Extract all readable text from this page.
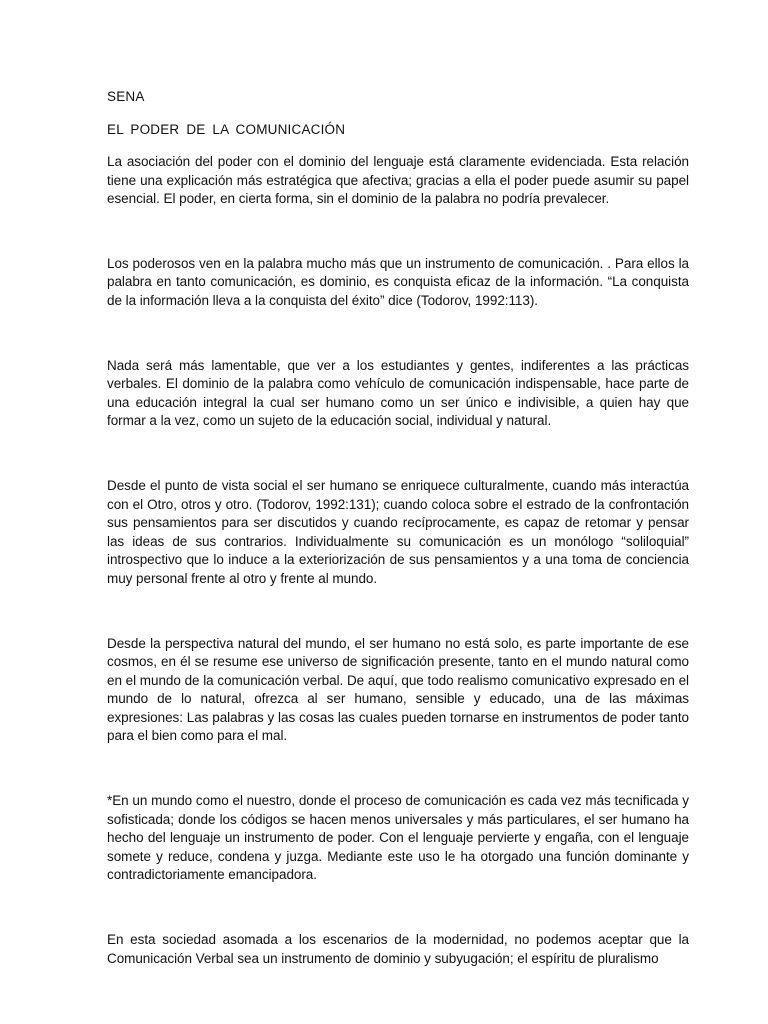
SENA

EL PODER DE LA COMUNICACIÓN

La asociación del poder con el dominio del lenguaje está claramente evidenciada. Esta relación tiene una explicación más estratégica que afectiva; gracias a ella el poder puede asumir su papel esencial. El poder, en cierta forma, sin el dominio de la palabra no podría prevalecer.

Los poderosos ven en la palabra mucho más que un instrumento de comunicación. . Para ellos la palabra en tanto comunicación, es dominio, es conquista eficaz de la información. “La conquista de la información lleva a la conquista del éxito” dice (Todorov, 1992:113).

Nada será más lamentable, que ver a los estudiantes y gentes, indiferentes a las prácticas verbales. El dominio de la palabra como vehículo de comunicación indispensable, hace parte de una educación integral la cual ser humano como un ser único e indivisible, a quien hay que formar a la vez, como un sujeto de la educación social, individual y natural.

Desde el punto de vista social el ser humano se enriquece culturalmente, cuando más interactúa con el Otro, otros y otro. (Todorov, 1992:131); cuando coloca sobre el estrado de la confrontación sus pensamientos para ser discutidos y cuando recíprocamente, es capaz de retomar y pensar las ideas de sus contrarios. Individualmente su comunicación es un monólogo “soliloquial” introspectivo que lo induce a la exteriorización de sus pensamientos y a una toma de conciencia muy personal frente al otro y frente al mundo.

Desde la perspectiva natural del mundo, el ser humano no está solo, es parte importante de ese cosmos, en él se resume ese universo de significación presente, tanto en el mundo natural como en el mundo de la comunicación verbal. De aquí, que todo realismo comunicativo expresado en el mundo de lo natural, ofrezca al ser humano, sensible y educado, una de las máximas expresiones: Las palabras y las cosas las cuales pueden tornarse en instrumentos de poder tanto para el bien como para el mal.

*En un mundo como el nuestro, donde el proceso de comunicación es cada vez más tecnificada y sofisticada; donde los códigos se hacen menos universales y más particulares, el ser humano ha hecho del lenguaje un instrumento de poder. Con el lenguaje pervierte y engaña, con el lenguaje somete y reduce, condena y juzga. Mediante este uso le ha otorgado una función dominante y contradictoriamente emancipadora.

En esta sociedad asomada a los escenarios de la modernidad, no podemos aceptar que la Comunicación Verbal sea un instrumento de dominio y subyugación; el espíritu de pluralismo
